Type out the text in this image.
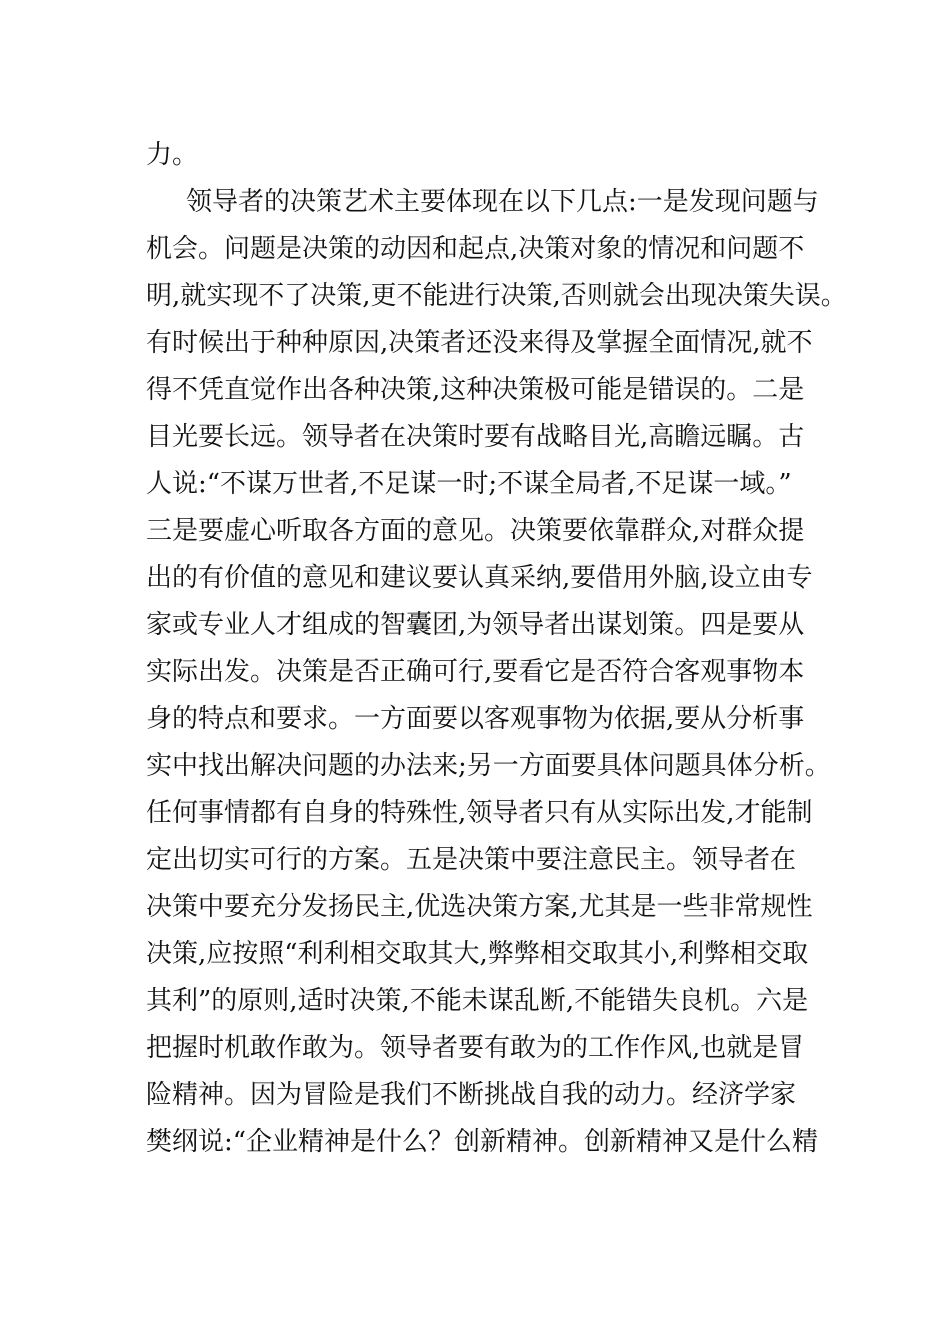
力。
领导者的决策艺术主要体现在以下几点:一是发现问题与
机会。问题是决策的动因和起点,决策对象的情况和问题不
明,就实现不了决策,更不能进行决策,否则就会出现决策失误。
有时候出于种种原因,决策者还没来得及掌握全面情况,就不
得不凭直觉作出各种决策,这种决策极可能是错误的。二是
目光要长远。领导者在决策时要有战略目光,高瞻远瞩。古
人说:“不谋万世者,不足谋一时;不谋全局者,不足谋一域。”
三是要虚心听取各方面的意见。决策要依靠群众,对群众提
出的有价值的意见和建议要认真采纳,要借用外脑,设立由专
家或专业人才组成的智囊团,为领导者出谋划策。四是要从
实际出发。决策是否正确可行,要看它是否符合客观事物本
身的特点和要求。一方面要以客观事物为依据,要从分析事
实中找出解决问题的办法来;另一方面要具体问题具体分析。
任何事情都有自身的特殊性,领导者只有从实际出发,才能制
定出切实可行的方案。五是决策中要注意民主。领导者在
决策中要充分发扬民主,优选决策方案,尤其是一些非常规性
决策,应按照“利利相交取其大,弊弊相交取其小,利弊相交取
其利”的原则,适时决策,不能未谋乱断,不能错失良机。六是
把握时机敢作敢为。领导者要有敢为的工作作风,也就是冒
险精神。因为冒险是我们不断挑战自我的动力。经济学家
樊纲说:“企业精神是什么？创新精神。创新精神又是什么精
